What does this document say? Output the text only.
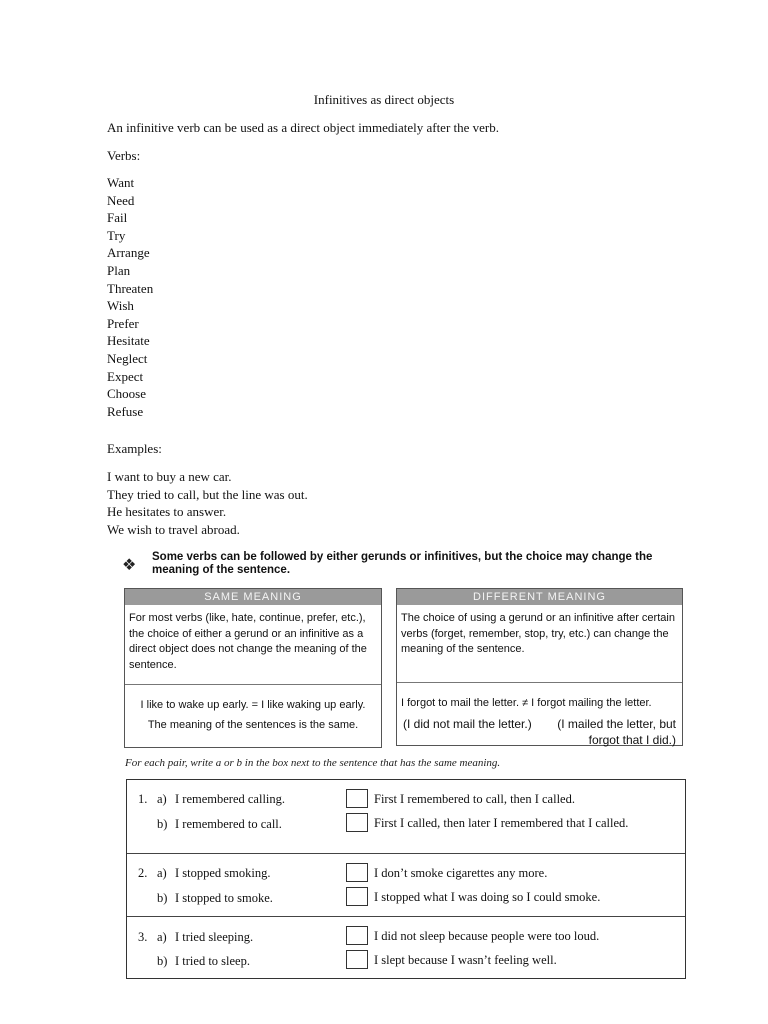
Infinitives as direct objects
An infinitive verb can be used as a direct object immediately after the verb.
Verbs:
Want
Need
Fail
Try
Arrange
Plan
Threaten
Wish
Prefer
Hesitate
Neglect
Expect
Choose
Refuse
Examples:
I want to buy a new car.
They tried to call, but the line was out.
He hesitates to answer.
We wish to travel abroad.
❖ Some verbs can be followed by either gerunds or infinitives, but the choice may change the meaning of the sentence.
SAME MEANING
For most verbs (like, hate, continue, prefer, etc.), the choice of either a gerund or an infinitive as a direct object does not change the meaning of the sentence.
I like to wake up early. = I like waking up early.
The meaning of the sentences is the same.
DIFFERENT MEANING
The choice of using a gerund or an infinitive after certain verbs (forget, remember, stop, try, etc.) can change the meaning of the sentence.
I forgot to mail the letter. ≠ I forgot mailing the letter.
(I did not mail the letter.)	(I mailed the letter, but forgot that I did.)
For each pair, write a or b in the box next to the sentence that has the same meaning.
1. a) I remembered calling.	First I remembered to call, then I called.
b) I remembered to call.	First I called, then later I remembered that I called.
2. a) I stopped smoking.	I don’t smoke cigarettes any more.
b) I stopped to smoke.	I stopped what I was doing so I could smoke.
3. a) I tried sleeping.	I did not sleep because people were too loud.
b) I tried to sleep.	I slept because I wasn’t feeling well.
